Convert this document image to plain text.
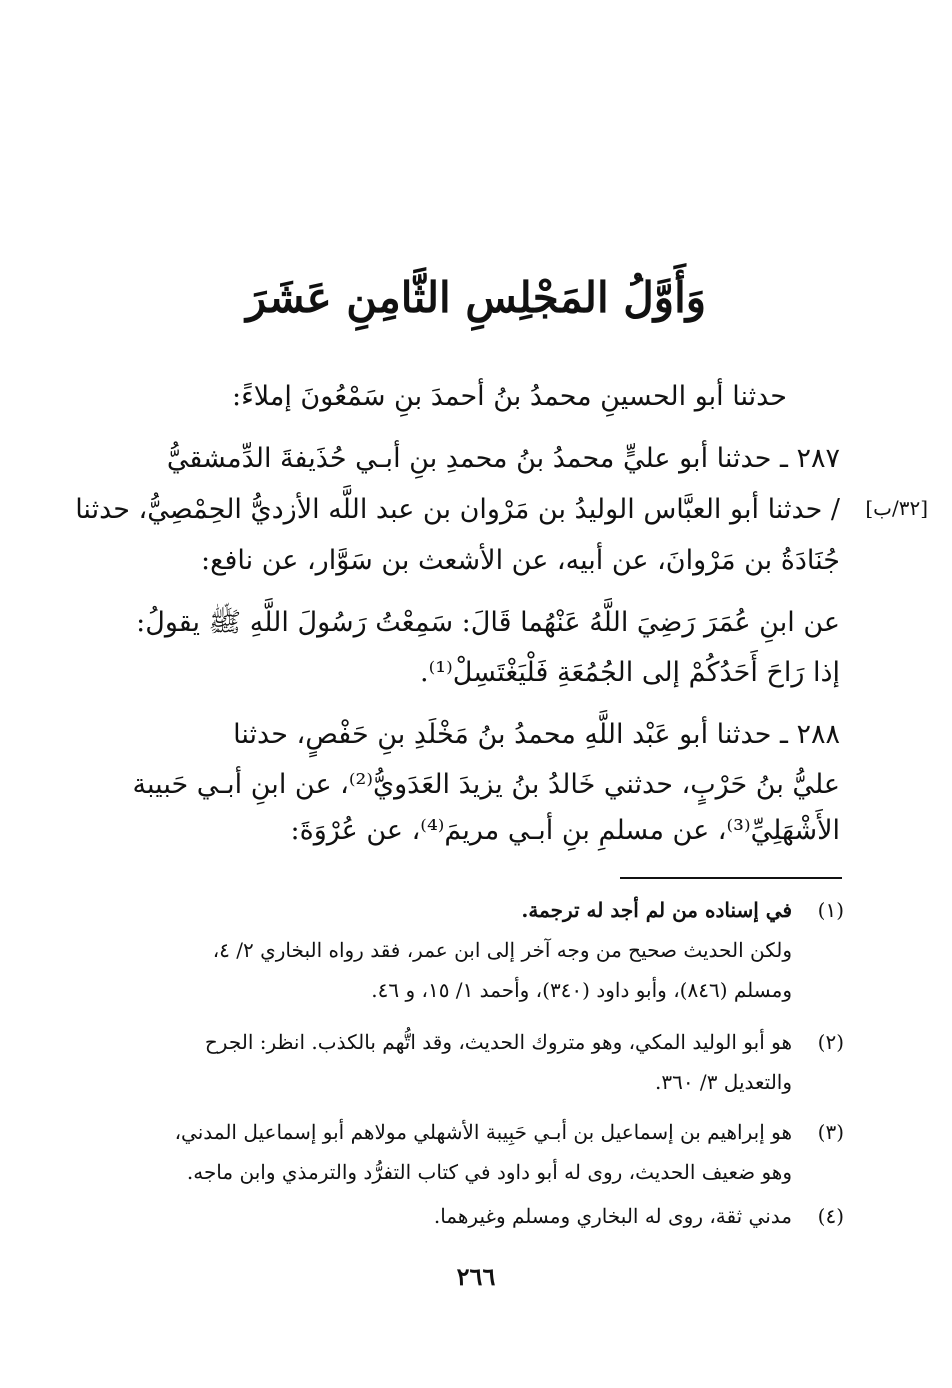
وَأَوَّلُ المَجْلِسِ الثَّامِنِ عَشَرَ
حدثنا أبو الحسينِ محمدُ بنُ أحمدَ بنِ سَمْعُونَ إملاءً:
٢٨٧ ـ حدثنا أبو عليٍّ محمدُ بنُ محمدِ بنِ أبـي حُذَيفةَ الدِّمشقيُّ
/ حدثنا أبو العبَّاس الوليدُ بن مَرْوان بن عبد اللَّه الأزديُّ الحِمْصِيُّ، حدثنا	[٣٢/ب]
جُنَادَةُ بن مَرْوانَ، عن أبيه، عن الأشعث بن سَوَّار، عن نافع:
عن ابنِ عُمَرَ رَضِيَ اللَّهُ عَنْهُما قَالَ: سَمِعْتُ رَسُولَ اللَّهِ ﷺ يقولُ:
إذا رَاحَ أَحَدُكُمْ إلى الجُمُعَةِ فَلْيَغْتَسِلْ⁽¹⁾.
٢٨٨ ـ حدثنا أبو عَبْد اللَّهِ محمدُ بنُ مَخْلَدِ بنِ حَفْصٍ، حدثنا
عليُّ بنُ حَرْبٍ، حدثني خَالدُ بنُ يزيدَ العَدَويُّ⁽²⁾، عن ابنِ أبـي حَبيبة
الأَشْهَلِيِّ⁽³⁾، عن مسلمِ بنِ أبـي مريمَ⁽⁴⁾، عن عُرْوَةَ:
(١)
في إسناده من لم أجد له ترجمة.
ولكن الحديث صحيح من وجه آخر إلى ابن عمر، فقد رواه البخاري ٢/ ٤،
ومسلم (٨٤٦)، وأبو داود (٣٤٠)، وأحمد ١/ ١٥، و ٤٦.
(٢)
هو أبو الوليد المكي، وهو متروك الحديث، وقد اتُّهم بالكذب. انظر: الجرح
والتعديل ٣/ ٣٦٠.
(٣)
هو إبراهيم بن إسماعيل بن أبـي حَبِيبة الأشهلي مولاهم أبو إسماعيل المدني،
وهو ضعيف الحديث، روى له أبو داود في كتاب التفرُّد والترمذي وابن ماجه.
(٤)
مدني ثقة، روى له البخاري ومسلم وغيرهما.
٢٦٦
